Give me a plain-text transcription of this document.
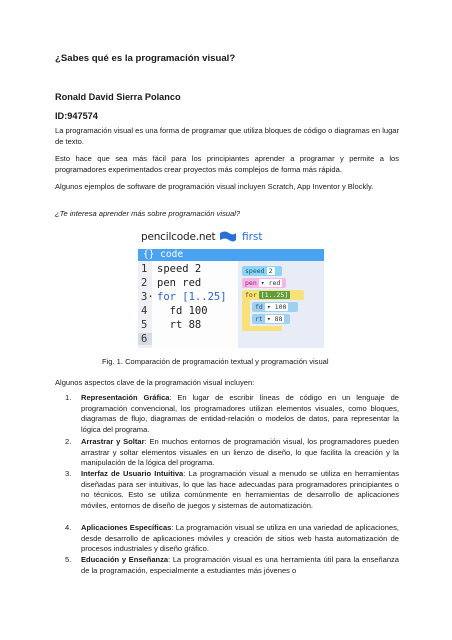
¿Sabes qué es la programación visual?
Ronald David Sierra Polanco
ID:947574
La programación visual es una forma de programar que utiliza bloques de código o diagramas en lugar de texto.
Esto hace que sea más fácil para los principiantes aprender a programar y permite a los programadores experimentados crear proyectos más complejos de forma más rápida.
Algunos ejemplos de software de programación visual incluyen Scratch, App Inventor y Blockly.
¿Te interesa aprender más sobre programación visual?
pencilcode.net	first
{} code
1
2
3·
4
5
6
speed 2
pen red
for [1..25]
fd 100
rt 88
speed 2
pen ▾ red
for [1..25]
fd ▾ 100
rt ▾ 88
Fig. 1. Comparación de programación textual y programación visual
Algunos aspectos clave de la programación visual incluyen:
1. Representación Gráfica: En lugar de escribir líneas de código en un lenguaje de programación convencional, los programadores utilizan elementos visuales, como bloques, diagramas de flujo, diagramas de entidad-relación o modelos de datos, para representar la lógica del programa.
2. Arrastrar y Soltar: En muchos entornos de programación visual, los programadores pueden arrastrar y soltar elementos visuales en un lienzo de diseño, lo que facilita la creación y la manipulación de la lógica del programa.
3. Interfaz de Usuario Intuitiva: La programación visual a menudo se utiliza en herramientas diseñadas para ser intuitivas, lo que las hace adecuadas para programadores principiantes o no técnicos. Esto se utiliza comúnmente en herramientas de desarrollo de aplicaciones móviles, entornos de diseño de juegos y sistemas de automatización.
4. Aplicaciones Específicas: La programación visual se utiliza en una variedad de aplicaciones, desde desarrollo de aplicaciones móviles y creación de sitios web hasta automatización de procesos industriales y diseño gráfico.
5. Educación y Enseñanza: La programación visual es una herramienta útil para la enseñanza de la programación, especialmente a estudiantes más jóvenes o
